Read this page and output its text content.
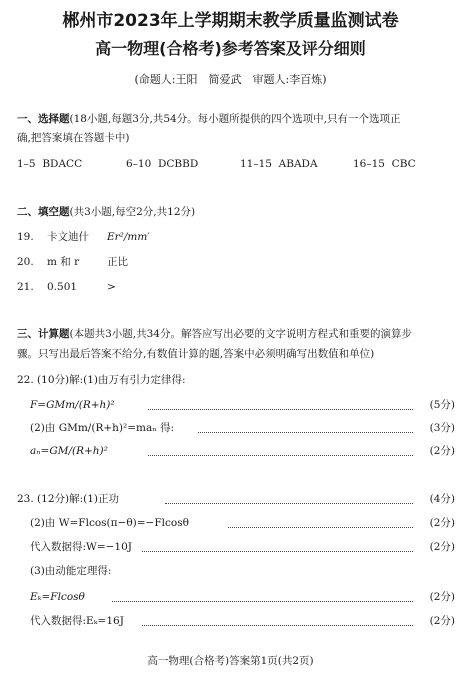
郴州市2023年上学期期末教学质量监测试卷
高一物理(合格考)参考答案及评分细则
(命题人:王阳　简爱武　审题人:李百炼)
一、选择题(18小题,每题3分,共54分。每小题所提供的四个选项中,只有一个选项正
确,把答案填在答题卡中)
1–5 BDACC	6–10 DCBBD	11–15 ABADA	16–15 CBC
二、填空题(共3小题,每空2分,共12分)
19. 卡文迪什 Er²/mm′
20. m 和 r	正比
21. 0.501	>
三、计算题(本题共3小题,共34分。解答应写出必要的文字说明方程式和重要的演算步
骤。只写出最后答案不给分,有数值计算的题,答案中必须明确写出数值和单位)
22. (10分)解:(1)由万有引力定律得:
F=GMm/(R+h)²	(5分)
(2)由 GMm/(R+h)²=maₙ 得:	(3分)
aₙ=GM/(R+h)²	(2分)
23. (12分)解:(1)正功	(4分)
(2)由 W=Flcos(π−θ)=−Flcosθ	(2分)
代入数据得:W=−10J	(2分)
(3)由动能定理得:
Eₖ=Flcosθ	(2分)
代入数据得:Eₖ=16J	(2分)
高一物理(合格考)答案第1页(共2页)
